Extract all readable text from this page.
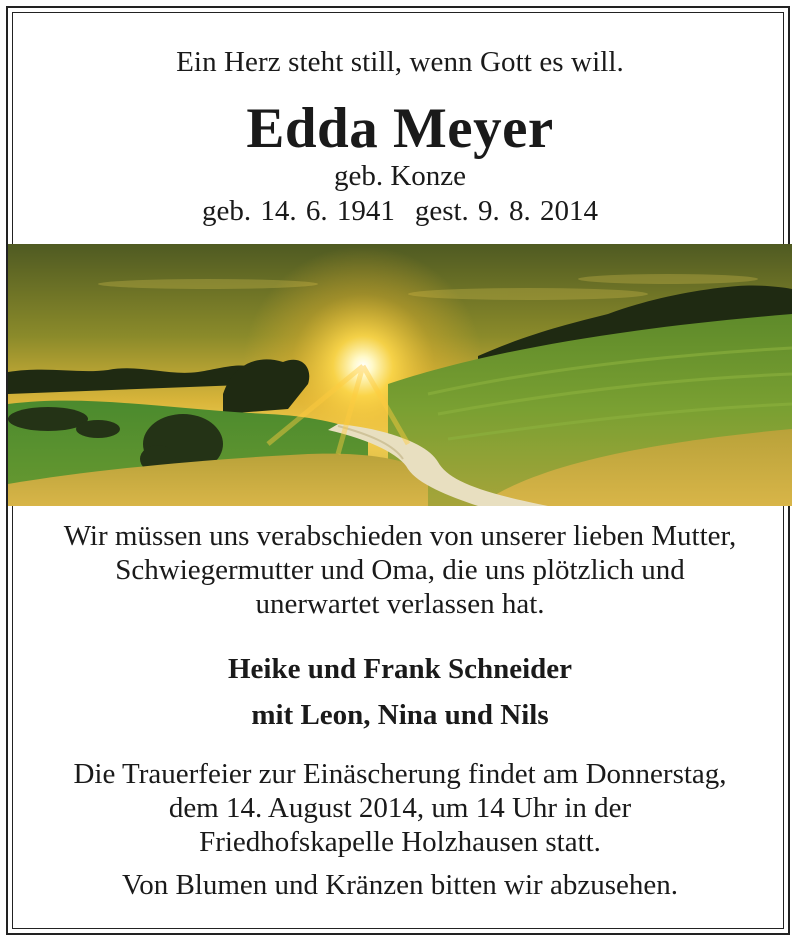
Ein Herz steht still, wenn Gott es will.
Edda Meyer
geb. Konze
geb. 14. 6. 1941 gest. 9. 8. 2014
Wir müssen uns verabschieden von unserer lieben Mutter,
Schwiegermutter und Oma, die uns plötzlich und
unerwartet verlassen hat.
Heike und Frank Schneider
mit Leon, Nina und Nils
Die Trauerfeier zur Einäscherung findet am Donnerstag,
dem 14. August 2014, um 14 Uhr in der
Friedhofskapelle Holzhausen statt.
Von Blumen und Kränzen bitten wir abzusehen.
